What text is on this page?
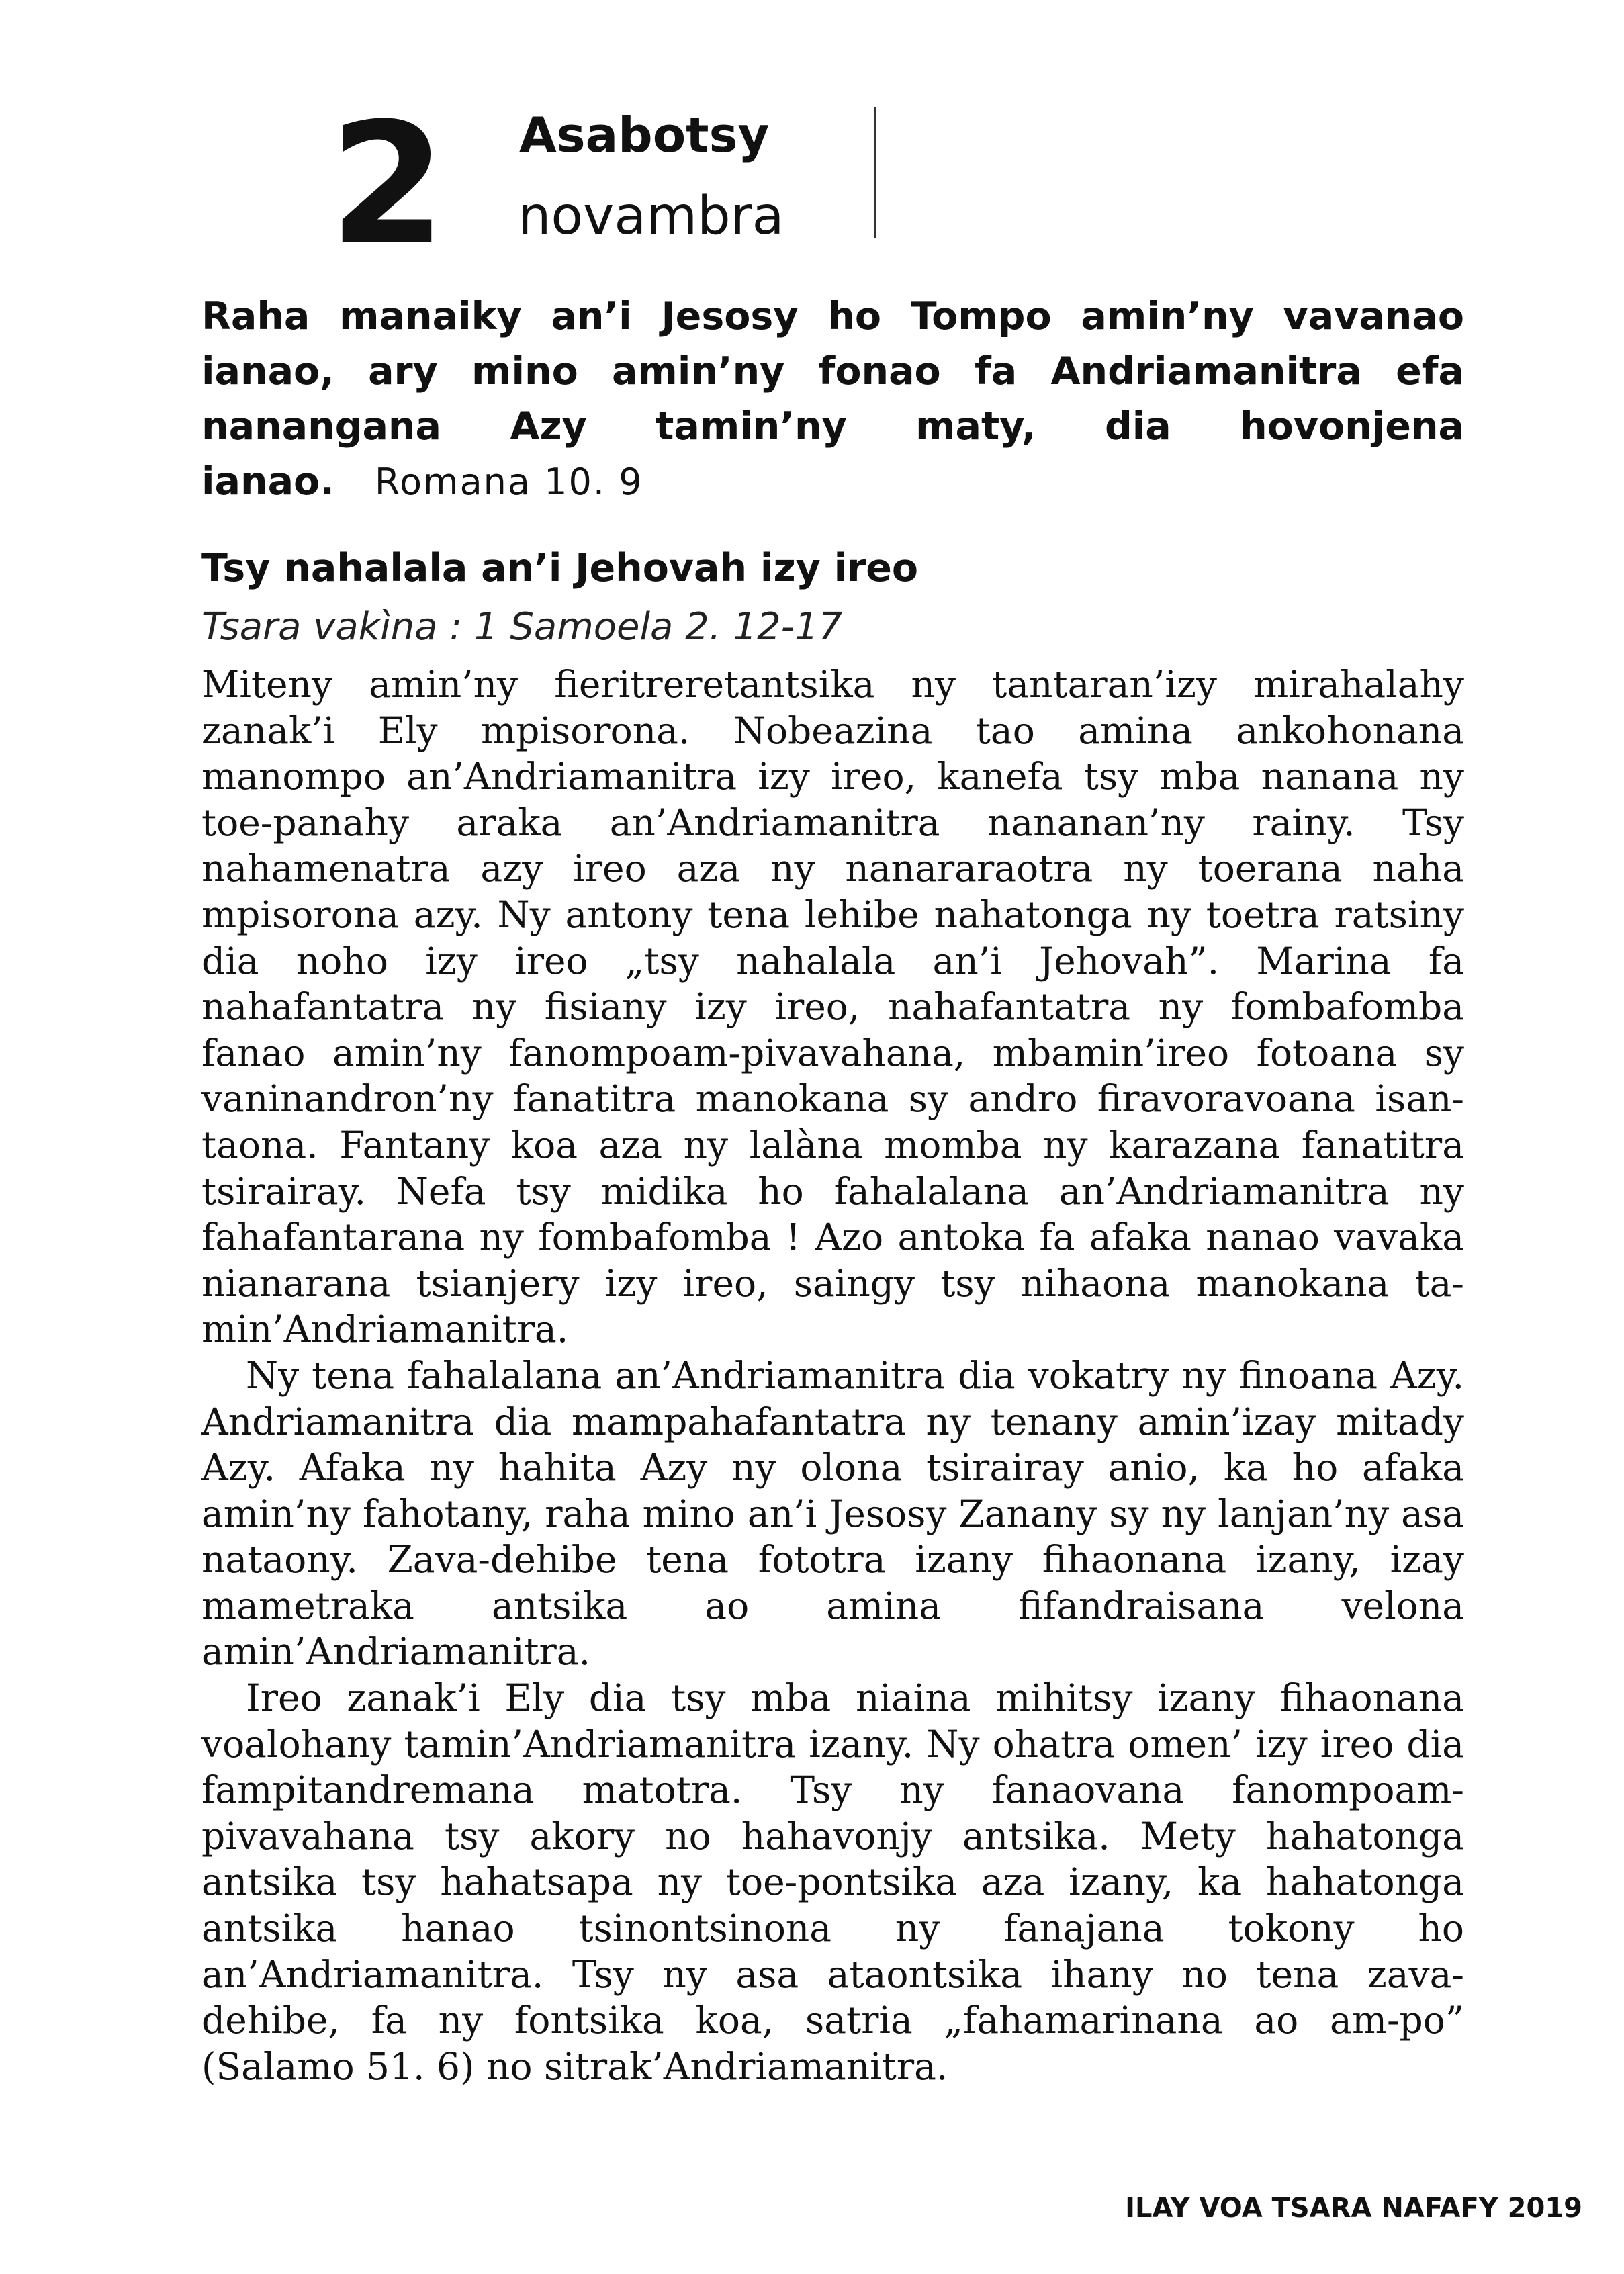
2 Asabotsy
novambra
Raha manaiky an’i Jesosy ho Tompo amin’ny vavanao ianao, ary mino amin’ny fonao fa Andriamanitra efa nanangana Azy tamin’ny maty, dia hovonjena ianao. Romana 10. 9
Tsy nahalala an’i Jehovah izy ireo
Tsara vakìna : 1 Samoela 2. 12-17

Miteny amin’ny fieritreretantsika ny tantaran’izy mirahalahy zanak’i Ely mpisorona. Nobeazina tao amina ankohonana manompo an’Andriamanitra izy ireo, kanefa tsy mba nanana ny toe-panahy araka an’Andriamanitra nananan’ny rainy. Tsy nahamenatra azy ireo aza ny nanararaotra ny toerana naha mpisorona azy. Ny antony tena lehibe nahatonga ny toetra ratsiny dia noho izy ireo „tsy nahalala an’i Jehovah”. Marina fa nahafantatra ny fisiany izy ireo, nahafantatra ny fombafomba fanao amin’ny fanompoam-pivavahana, mbamin’ireo fotoana sy vaninandron’ny fanatitra manokana sy andro firavoravoana isan-taona. Fantany koa aza ny lalàna momba ny karazana fanatitra tsirairay. Nefa tsy midika ho fahalalana an’Andriamanitra ny fahafantarana ny fombafomba ! Azo antoka fa afaka nanao vavaka nianarana tsianjery izy ireo, saingy tsy nihaona manokana tamin’Andriamanitra.

Ny tena fahalalana an’Andriamanitra dia vokatry ny finoana Azy. Andriamanitra dia mampahafantatra ny tenany amin’izay mitady Azy. Afaka ny hahita Azy ny olona tsirairay anio, ka ho afaka amin’ny fahotany, raha mino an’i Jesosy Zanany sy ny lanjan’ny asa nataony. Zava-dehibe tena fototra izany fihaonana izany, izay mametraka antsika ao amina fifandraisana velona amin’Andriamanitra.

Ireo zanak’i Ely dia tsy mba niaina mihitsy izany fihaonana voalohany tamin’Andriamanitra izany. Ny ohatra omen’ izy ireo dia fampitandremana matotra. Tsy ny fanaovana fanompoam-pivavahana tsy akory no hahavonjy antsika. Mety hahatonga antsika tsy hahatsapa ny toe-pontsika aza izany, ka hahatonga antsika hanao tsinontsinona ny fanajana tokony ho an’Andriamanitra. Tsy ny asa ataontsika ihany no tena zava-dehibe, fa ny fontsika koa, satria „fahamarinana ao am-po” (Salamo 51. 6) no sitrak’Andriamanitra.

ILAY VOA TSARA NAFAFY 2019
